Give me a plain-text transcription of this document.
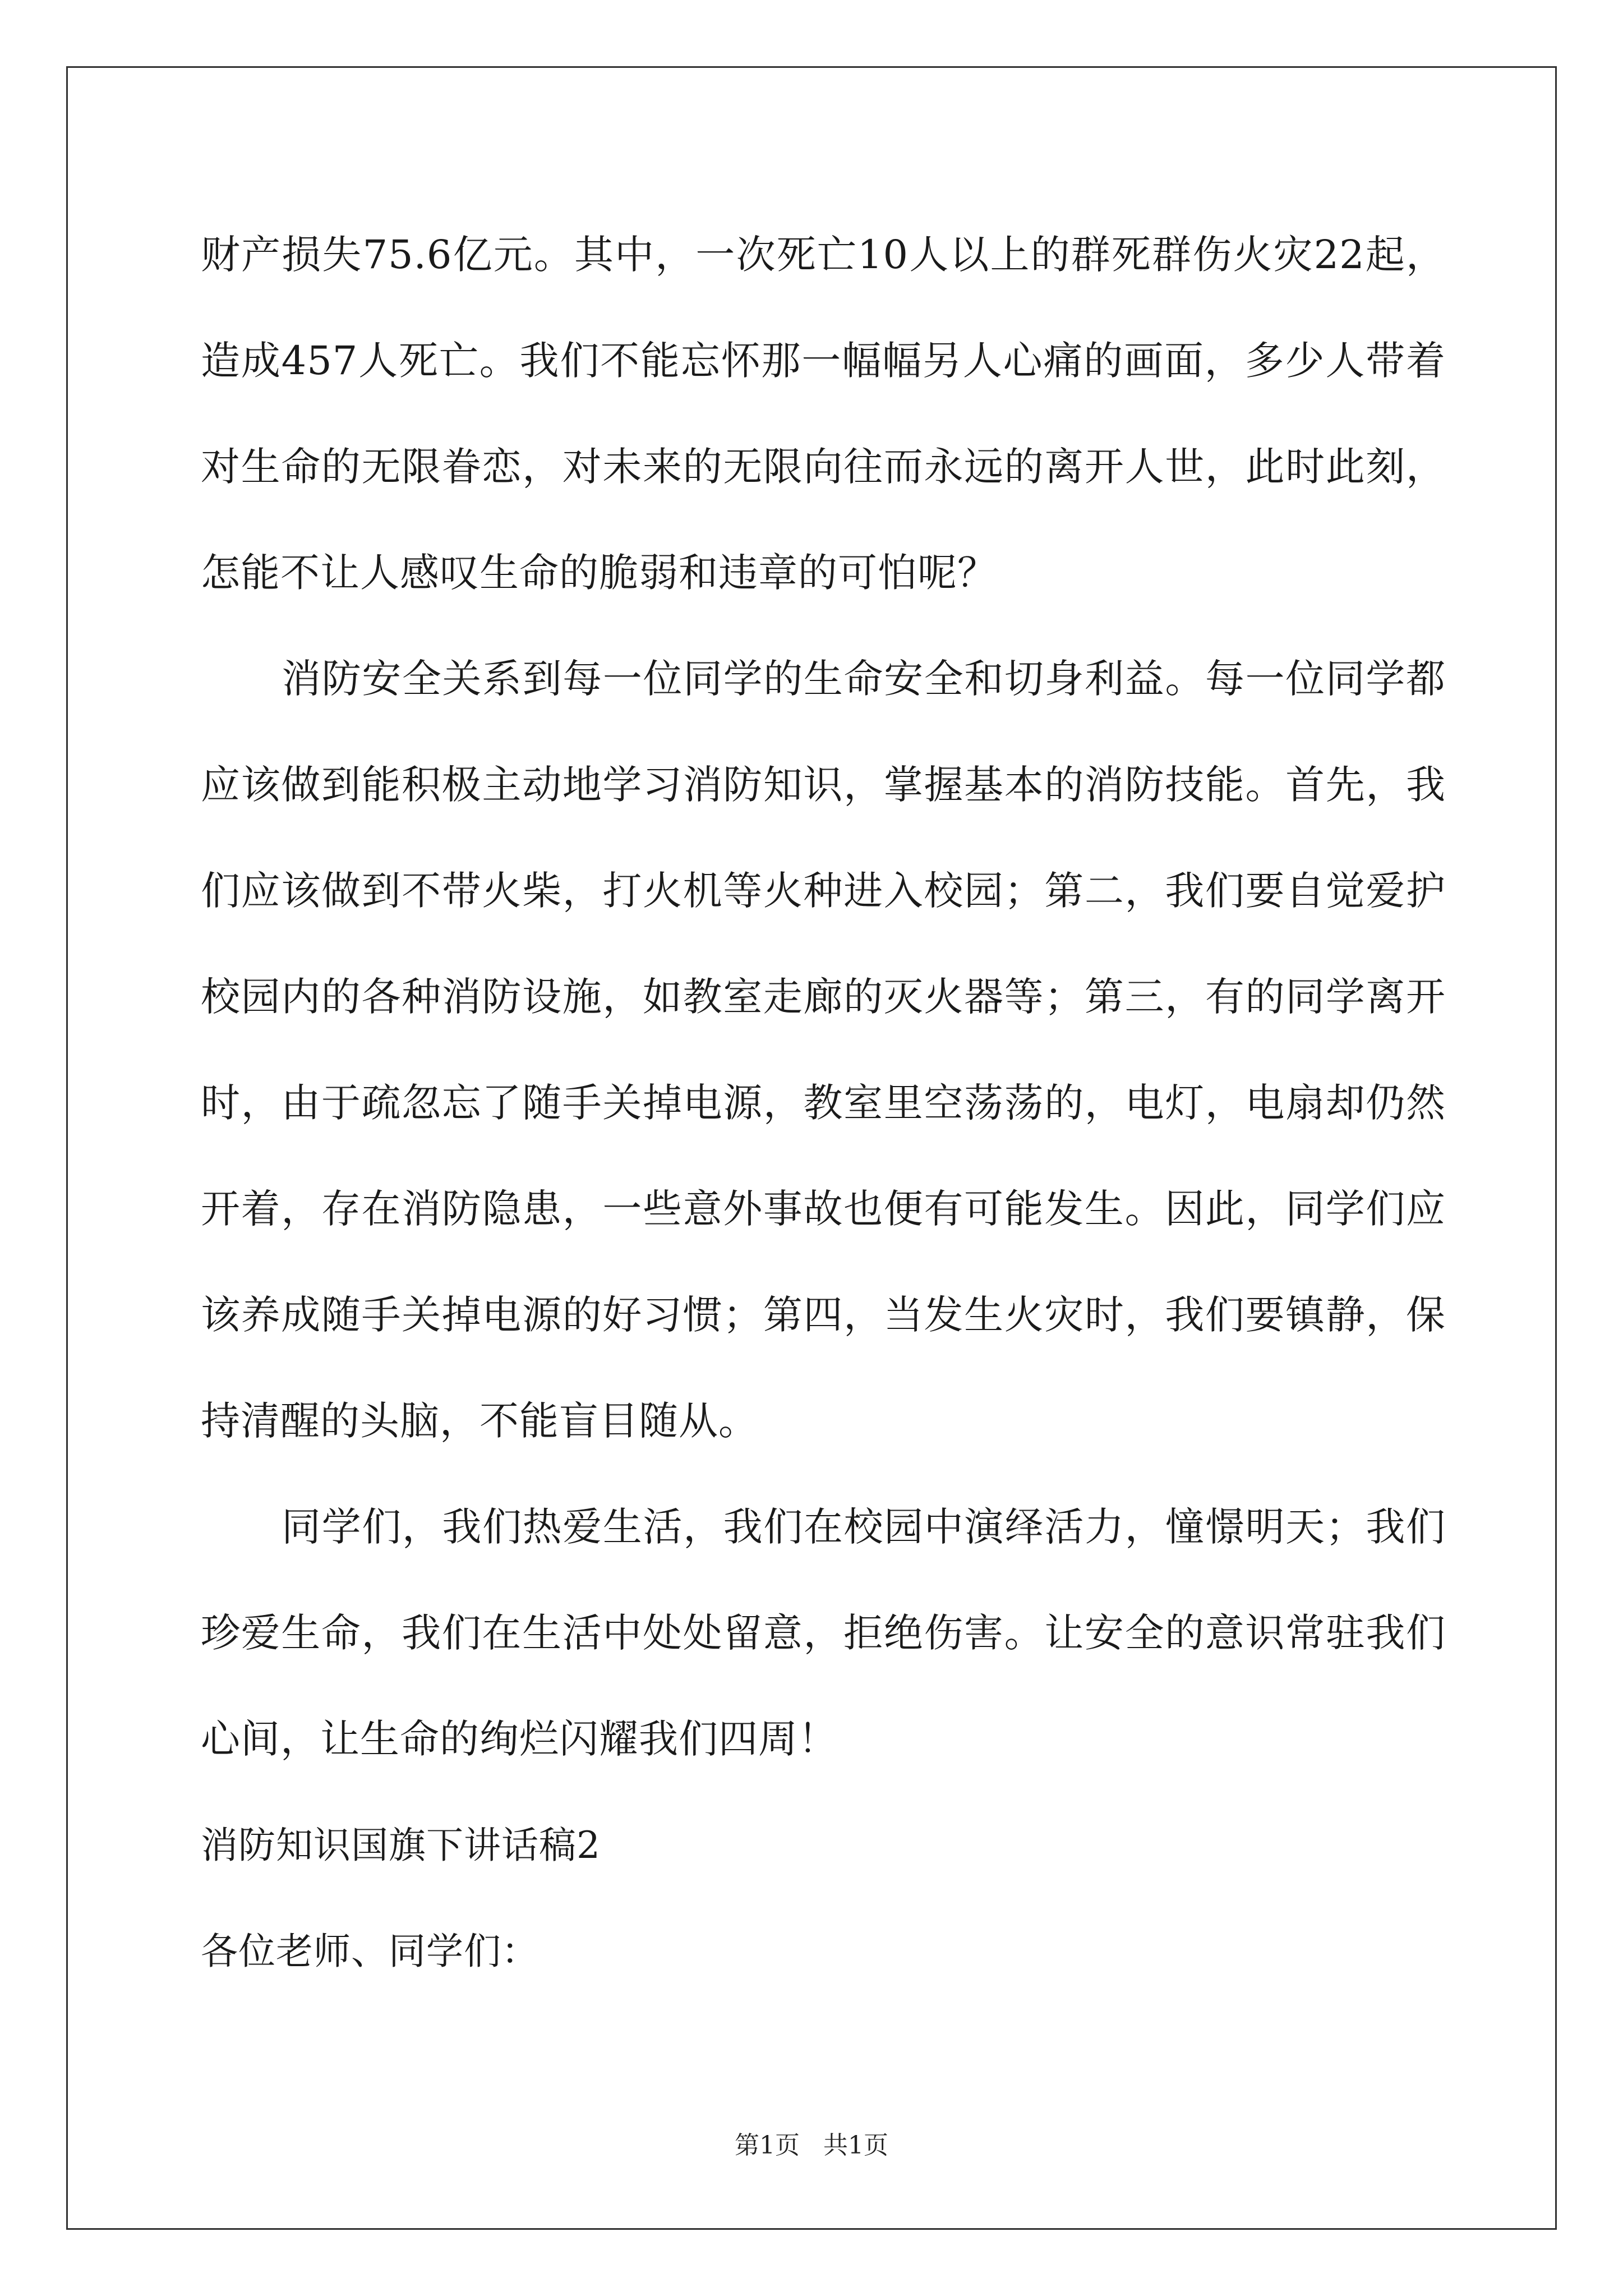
财产损失75.6亿元。其中，一次死亡10人以上的群死群伤火灾22起，造成457人死亡。我们不能忘怀那一幅幅另人心痛的画面，多少人带着对生命的无限眷恋，对未来的无限向往而永远的离开人世，此时此刻，怎能不让人感叹生命的脆弱和违章的可怕呢？

消防安全关系到每一位同学的生命安全和切身利益。每一位同学都应该做到能积极主动地学习消防知识，掌握基本的消防技能。首先，我们应该做到不带火柴，打火机等火种进入校园；第二，我们要自觉爱护校园内的各种消防设施，如教室走廊的灭火器等；第三，有的同学离开时，由于疏忽忘了随手关掉电源，教室里空荡荡的，电灯，电扇却仍然开着，存在消防隐患，一些意外事故也便有可能发生。因此，同学们应该养成随手关掉电源的好习惯；第四，当发生火灾时，我们要镇静，保持清醒的头脑，不能盲目随从。

同学们，我们热爱生活，我们在校园中演绎活力，憧憬明天；我们珍爱生命，我们在生活中处处留意，拒绝伤害。让安全的意识常驻我们心间，让生命的绚烂闪耀我们四周！

消防知识国旗下讲话稿2

各位老师、同学们：

第1页 共1页
